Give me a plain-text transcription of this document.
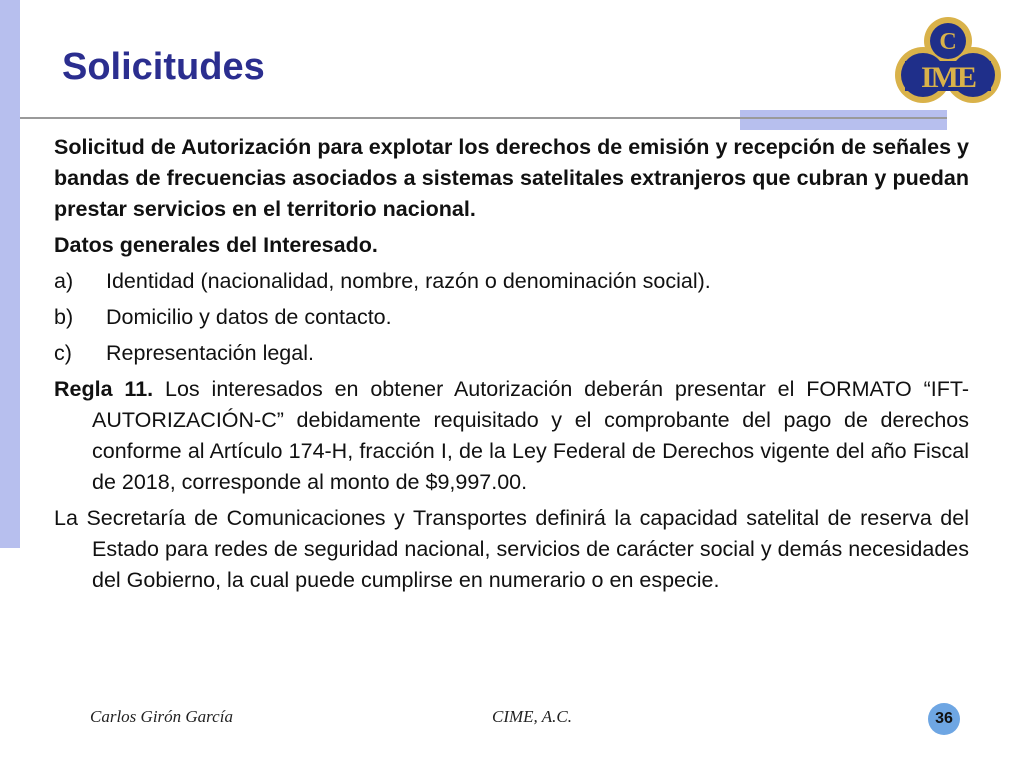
Solicitudes
C
IME

Solicitud de Autorización para explotar los derechos de emisión y recepción de señales y bandas de frecuencias asociados a sistemas satelitales extranjeros que cubran y puedan prestar servicios en el territorio nacional.

Datos generales del Interesado.

a)	Identidad (nacionalidad, nombre, razón o denominación social).
b)	Domicilio y datos de contacto.
c)	Representación legal.

Regla 11. Los interesados en obtener Autorización deberán presentar el FORMATO “IFT-AUTORIZACIÓN-C” debidamente requisitado y el comprobante del pago de derechos conforme al Artículo 174-H, fracción I, de la Ley Federal de Derechos vigente del año Fiscal de 2018, corresponde al monto de $9,997.00.

La Secretaría de Comunicaciones y Transportes definirá la capacidad satelital de reserva del Estado para redes de seguridad nacional, servicios de carácter social y demás necesidades del Gobierno, la cual puede cumplirse en numerario o en especie.

Carlos Girón García	CIME, A.C.	36
